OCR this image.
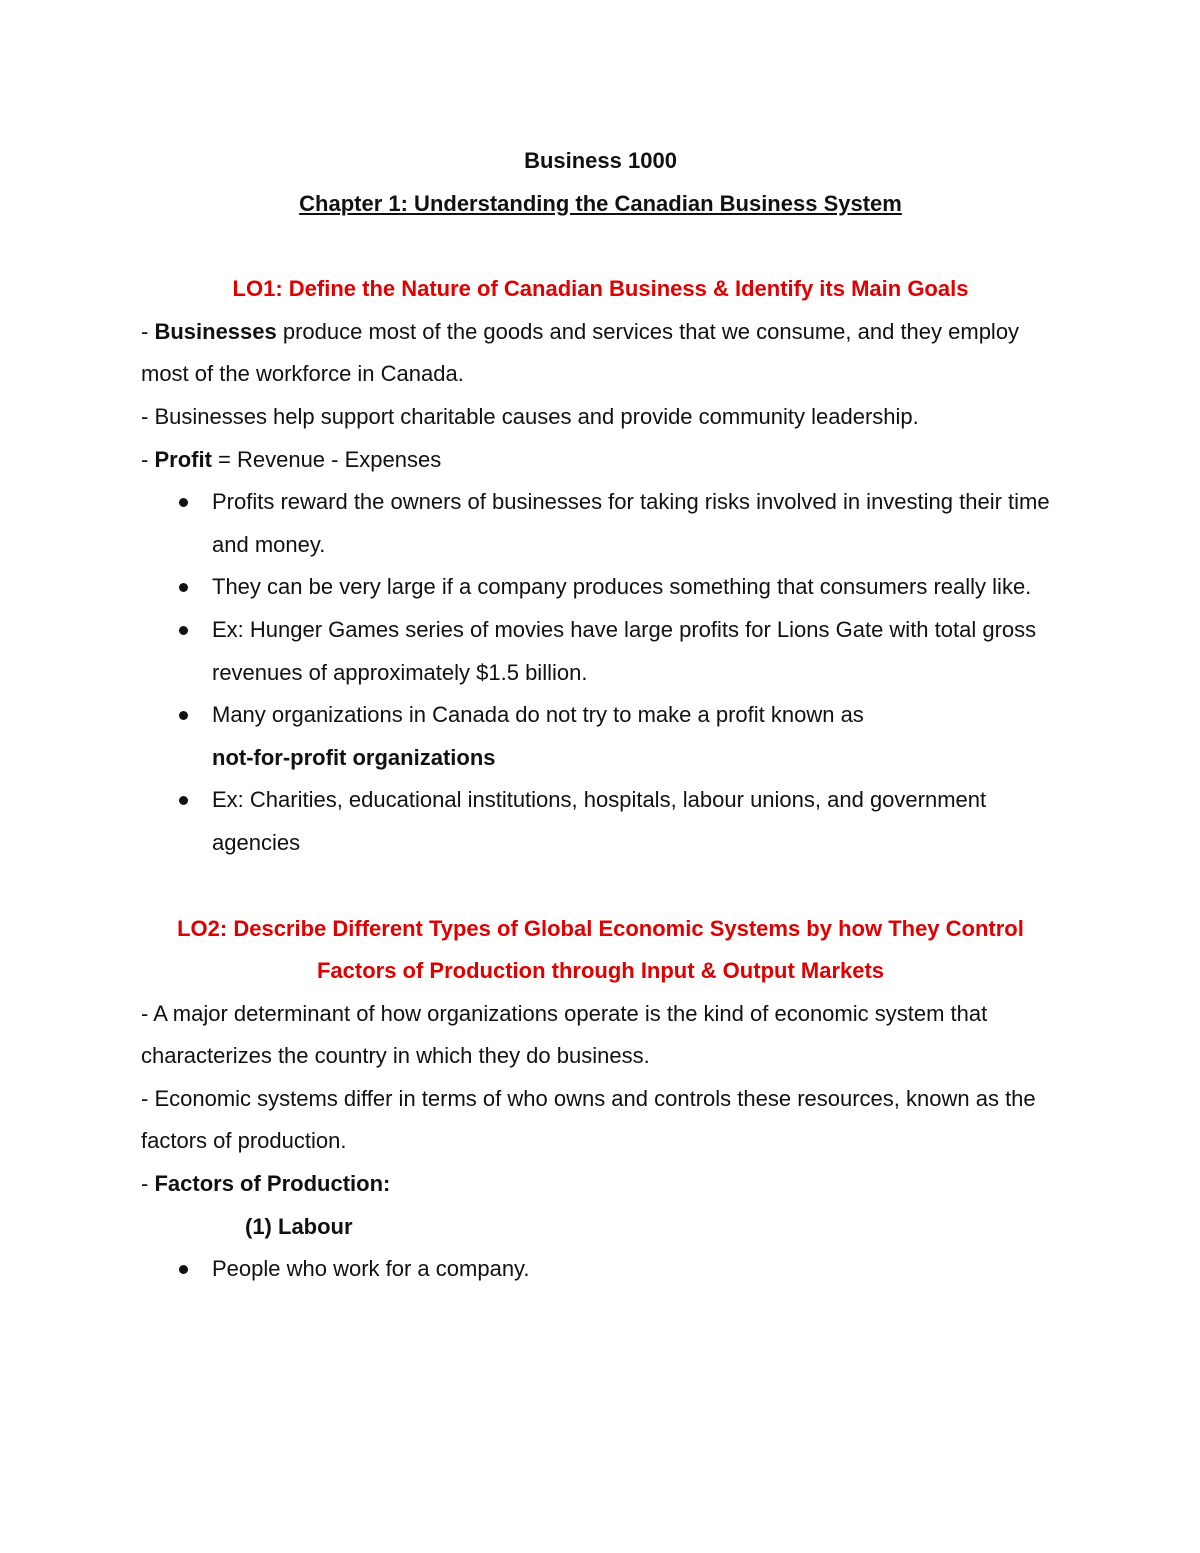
Business 1000

Chapter 1: Understanding the Canadian Business System

LO1: Define the Nature of Canadian Business & Identify its Main Goals

- Businesses produce most of the goods and services that we consume, and they employ most of the workforce in Canada.

- Businesses help support charitable causes and provide community leadership.

- Profit = Revenue - Expenses

Profits reward the owners of businesses for taking risks involved in investing their time and money.
They can be very large if a company produces something that consumers really like.
Ex: Hunger Games series of movies have large profits for Lions Gate with total gross revenues of approximately $1.5 billion.
Many organizations in Canada do not try to make a profit known as
not-for-profit organizations
Ex: Charities, educational institutions, hospitals, labour unions, and government agencies

LO2: Describe Different Types of Global Economic Systems by how They Control

Factors of Production through Input & Output Markets

- A major determinant of how organizations operate is the kind of economic system that characterizes the country in which they do business.

- Economic systems differ in terms of who owns and controls these resources, known as the factors of production.

- Factors of Production:

(1) Labour

People who work for a company.
